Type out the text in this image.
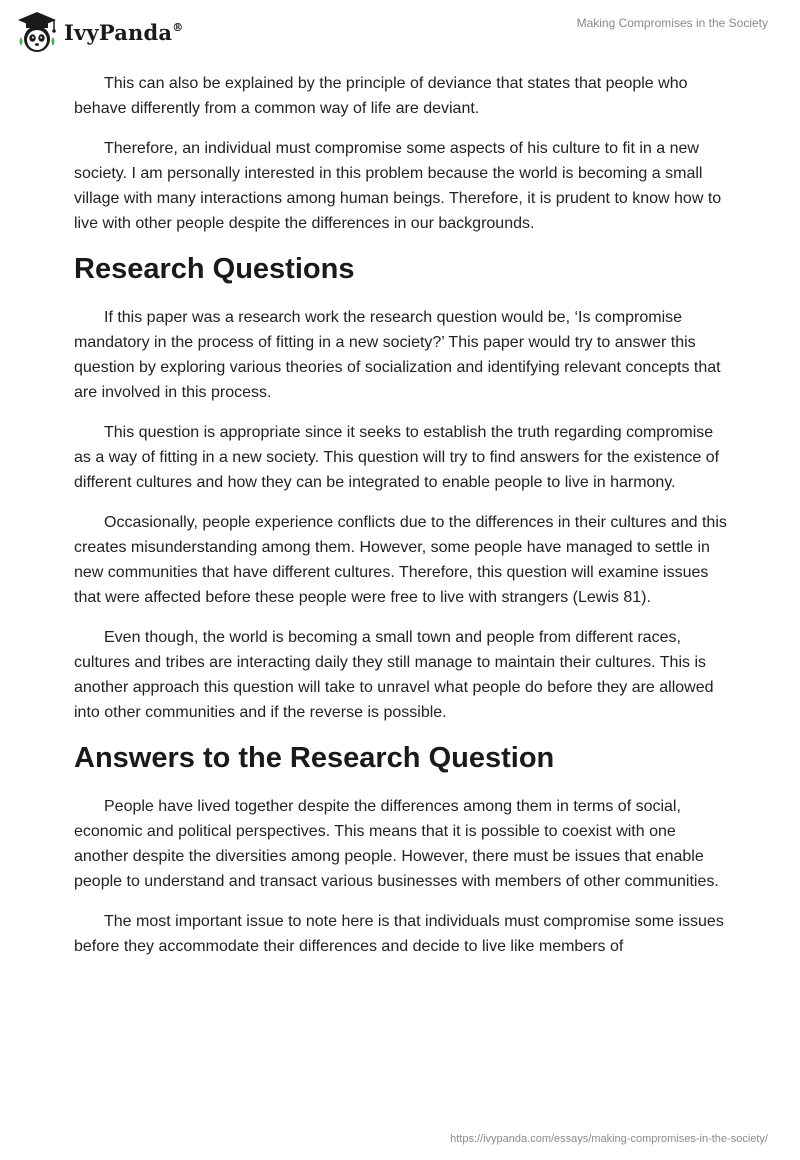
IvyPanda®	Making Compromises in the Society

This can also be explained by the principle of deviance that states that people who behave differently from a common way of life are deviant.

Therefore, an individual must compromise some aspects of his culture to fit in a new society. I am personally interested in this problem because the world is becoming a small village with many interactions among human beings. Therefore, it is prudent to know how to live with other people despite the differences in our backgrounds.

Research Questions

If this paper was a research work the research question would be, ‘Is compromise mandatory in the process of fitting in a new society?’ This paper would try to answer this question by exploring various theories of socialization and identifying relevant concepts that are involved in this process.

This question is appropriate since it seeks to establish the truth regarding compromise as a way of fitting in a new society. This question will try to find answers for the existence of different cultures and how they can be integrated to enable people to live in harmony.

Occasionally, people experience conflicts due to the differences in their cultures and this creates misunderstanding among them. However, some people have managed to settle in new communities that have different cultures. Therefore, this question will examine issues that were affected before these people were free to live with strangers (Lewis 81).

Even though, the world is becoming a small town and people from different races, cultures and tribes are interacting daily they still manage to maintain their cultures. This is another approach this question will take to unravel what people do before they are allowed into other communities and if the reverse is possible.

Answers to the Research Question

People have lived together despite the differences among them in terms of social, economic and political perspectives. This means that it is possible to coexist with one another despite the diversities among people. However, there must be issues that enable people to understand and transact various businesses with members of other communities.

The most important issue to note here is that individuals must compromise some issues before they accommodate their differences and decide to live like members of

https://ivypanda.com/essays/making-compromises-in-the-society/
